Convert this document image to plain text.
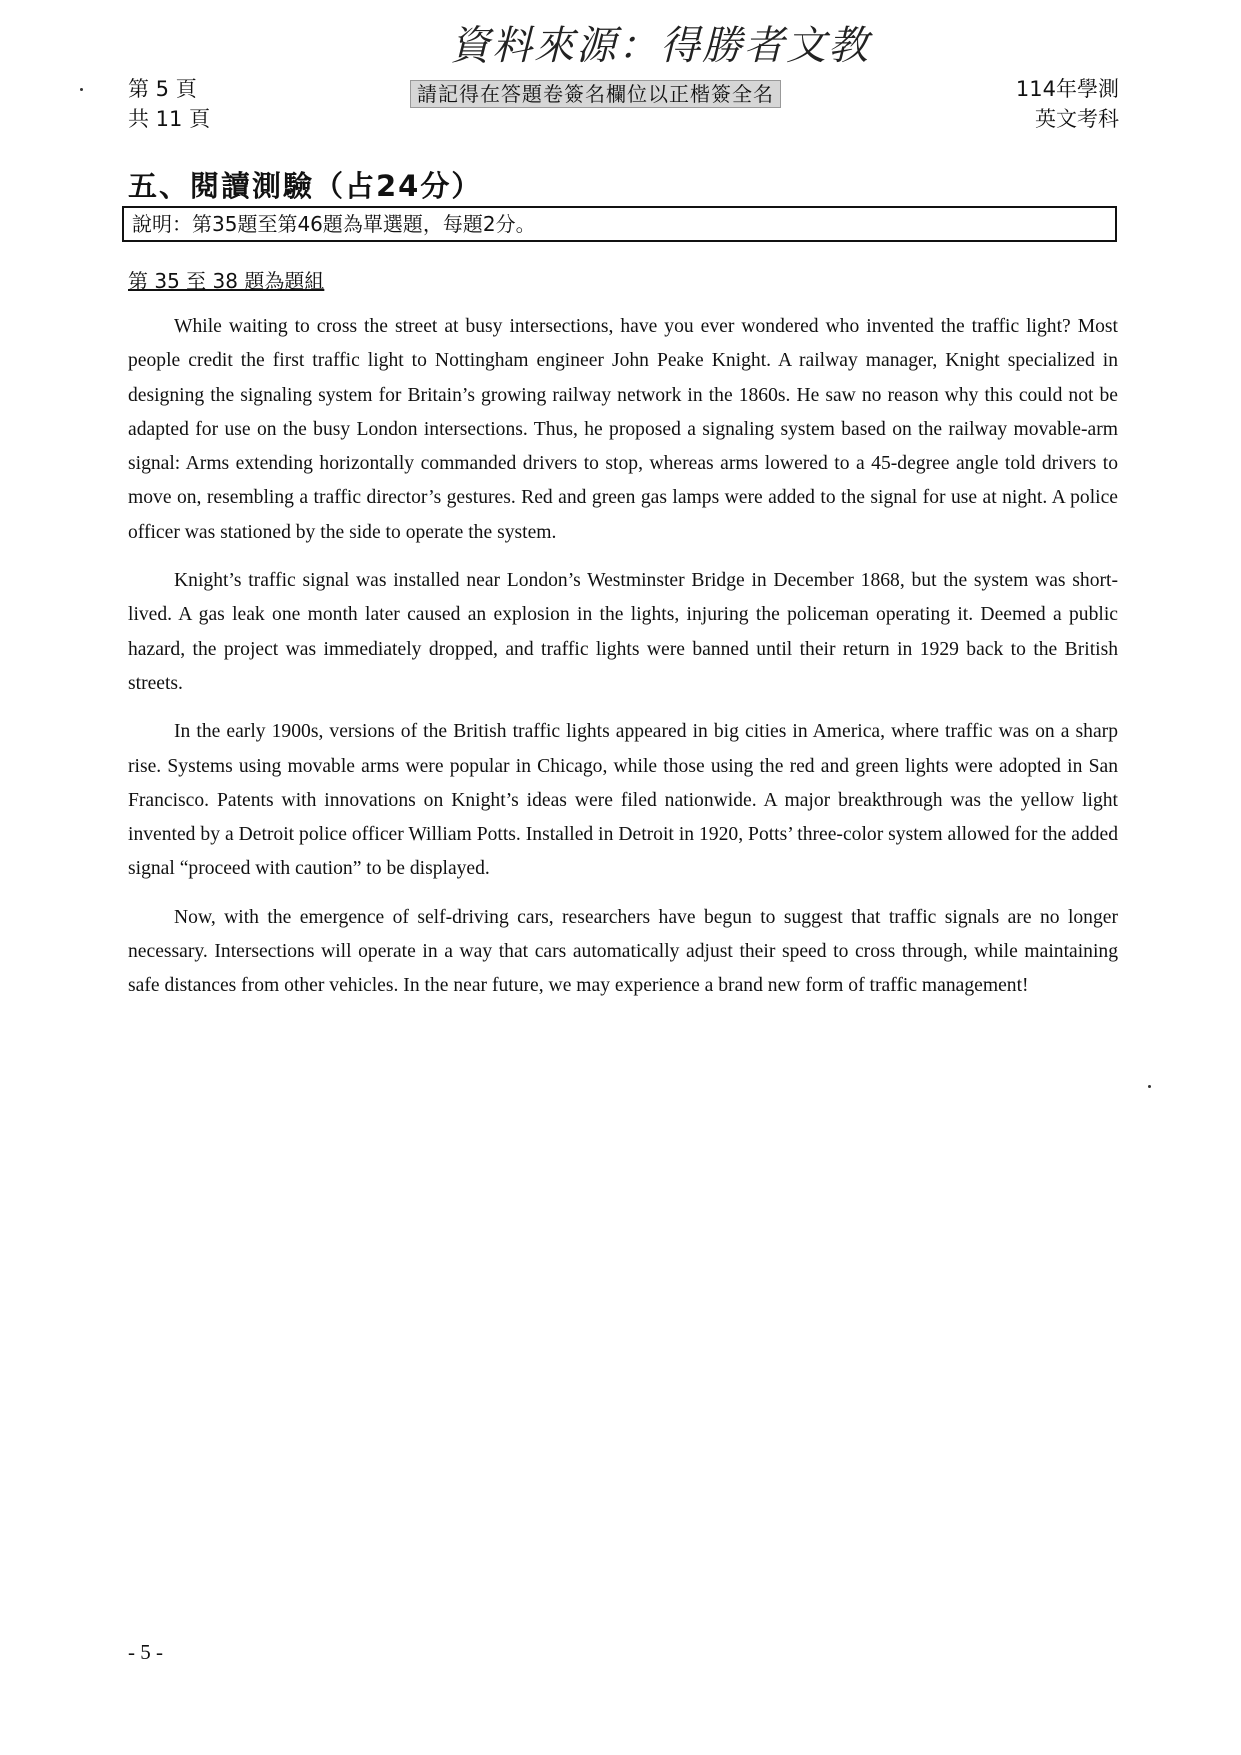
資料來源：得勝者文教
第 5 頁
共 11 頁
請記得在答題卷簽名欄位以正楷簽全名	114年學測
英文考科
五、閱讀測驗（占24分）
說明：第35題至第46題為單選題，每題2分。
第 35 至 38 題為題組

While waiting to cross the street at busy intersections, have you ever wondered who invented the traffic light? Most people credit the first traffic light to Nottingham engineer John Peake Knight. A railway manager, Knight specialized in designing the signaling system for Britain’s growing railway network in the 1860s. He saw no reason why this could not be adapted for use on the busy London intersections. Thus, he proposed a signaling system based on the railway movable-arm signal: Arms extending horizontally commanded drivers to stop, whereas arms lowered to a 45-degree angle told drivers to move on, resembling a traffic director’s gestures. Red and green gas lamps were added to the signal for use at night. A police officer was stationed by the side to operate the system.

Knight’s traffic signal was installed near London’s Westminster Bridge in December 1868, but the system was short-lived. A gas leak one month later caused an explosion in the lights, injuring the policeman operating it. Deemed a public hazard, the project was immediately dropped, and traffic lights were banned until their return in 1929 back to the British streets.

In the early 1900s, versions of the British traffic lights appeared in big cities in America, where traffic was on a sharp rise. Systems using movable arms were popular in Chicago, while those using the red and green lights were adopted in San Francisco. Patents with innovations on Knight’s ideas were filed nationwide. A major breakthrough was the yellow light invented by a Detroit police officer William Potts. Installed in Detroit in 1920, Potts’ three-color system allowed for the added signal “proceed with caution” to be displayed.

Now, with the emergence of self-driving cars, researchers have begun to suggest that traffic signals are no longer necessary. Intersections will operate in a way that cars automatically adjust their speed to cross through, while maintaining safe distances from other vehicles. In the near future, we may experience a brand new form of traffic management!

- 5 -
